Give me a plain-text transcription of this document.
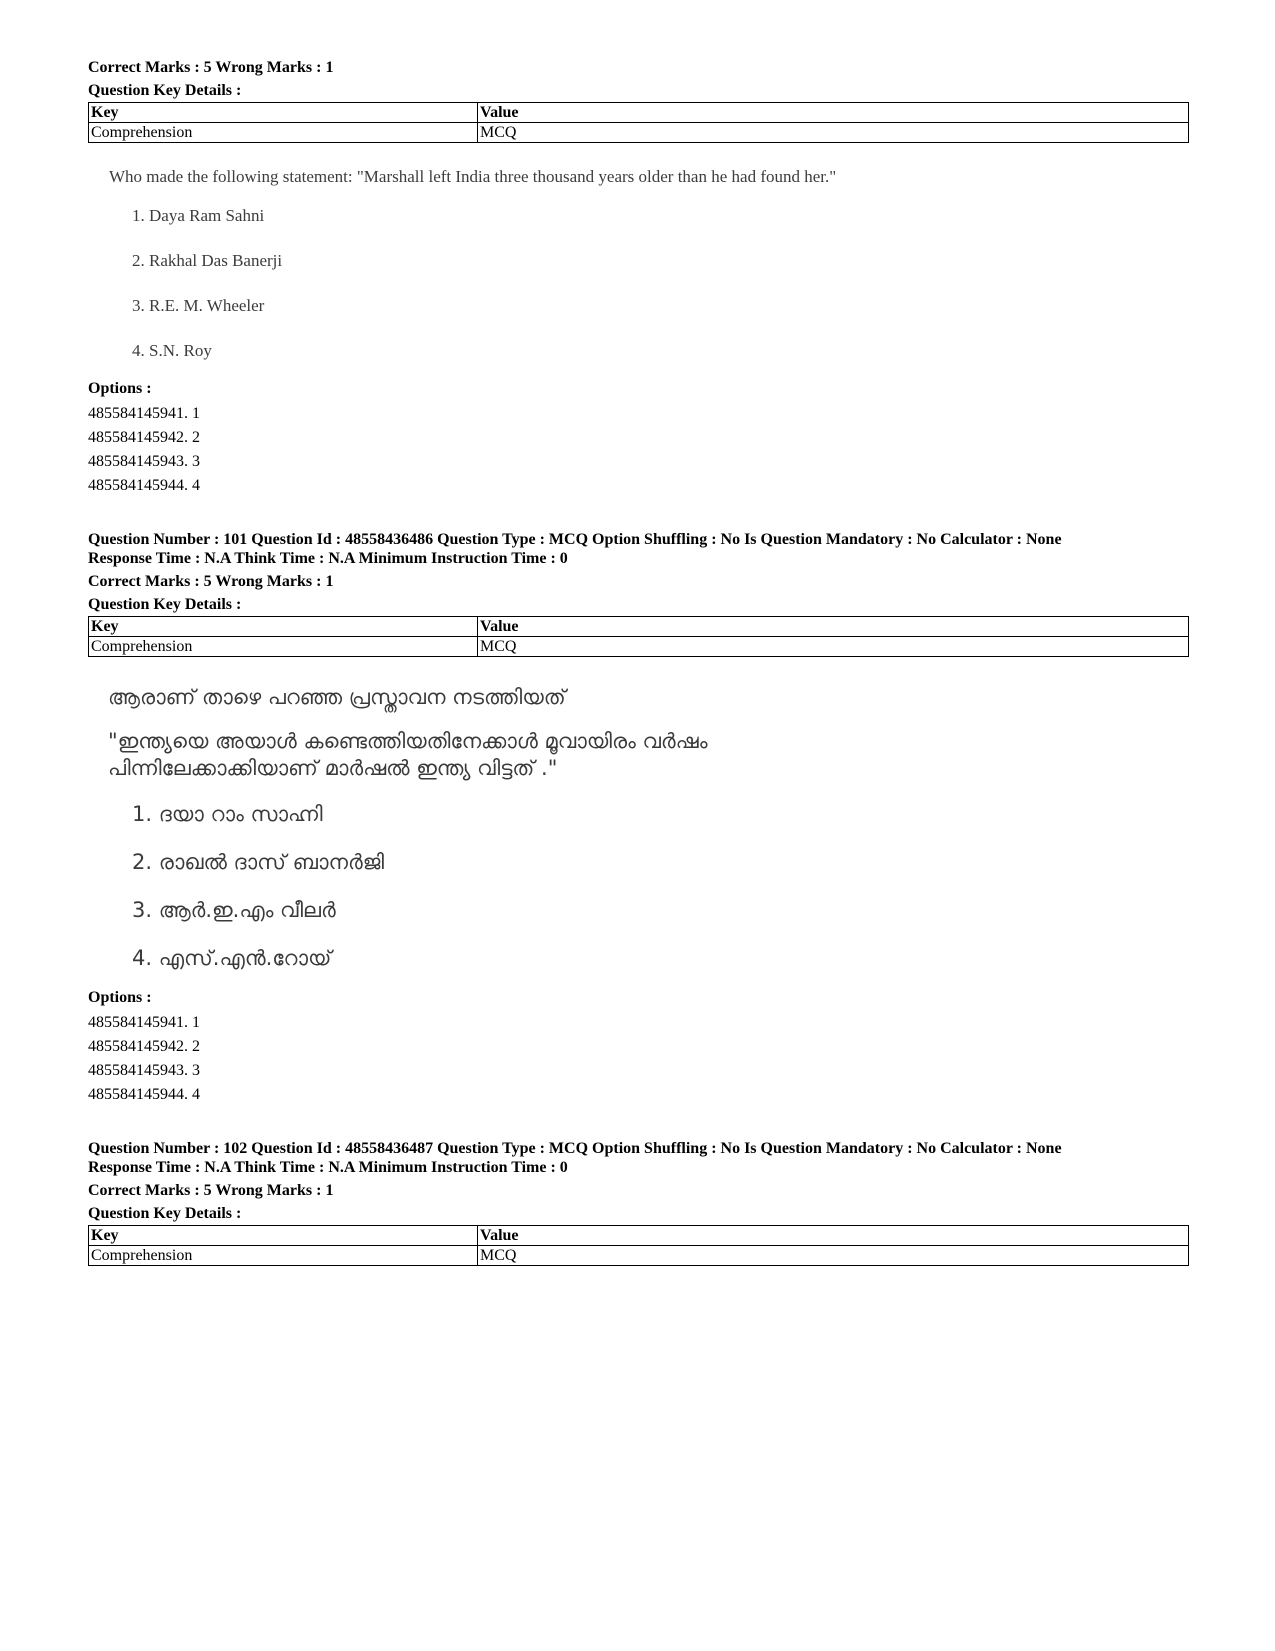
Correct Marks : 5 Wrong Marks : 1

Question Key Details :

Key	Value
Comprehension	MCQ

Who made the following statement: "Marshall left India three thousand years older than he had found her."

1. Daya Ram Sahni
2. Rakhal Das Banerji
3. R.E. M. Wheeler
4. S.N. Roy

Options :

485584145941. 1
485584145942. 2
485584145943. 3
485584145944. 4

Question Number : 101 Question Id : 48558436486 Question Type : MCQ Option Shuffling : No Is Question Mandatory : No Calculator : None

Response Time : N.A Think Time : N.A Minimum Instruction Time : 0

Correct Marks : 5 Wrong Marks : 1

Question Key Details :

Key	Value
Comprehension	MCQ

ആരാണ് താഴെ പറഞ്ഞ പ്രസ്താവന നടത്തിയത്

"ഇന്ത്യയെ അയാൾ കണ്ടെത്തിയതിനേക്കാൾ മൂവായിരം വർഷം
പിന്നിലേക്കാക്കിയാണ് മാർഷൽ ഇന്ത്യ വിട്ടത് ."

1. ദയാ റാം സാഹ്നി
2. രാഖൽ ദാസ് ബാനർജി
3. ആർ.ഇ.എം വീലർ
4. എസ്.എൻ.റോയ്

Options :

485584145941. 1
485584145942. 2
485584145943. 3
485584145944. 4

Question Number : 102 Question Id : 48558436487 Question Type : MCQ Option Shuffling : No Is Question Mandatory : No Calculator : None

Response Time : N.A Think Time : N.A Minimum Instruction Time : 0

Correct Marks : 5 Wrong Marks : 1

Question Key Details :

Key	Value
Comprehension	MCQ
